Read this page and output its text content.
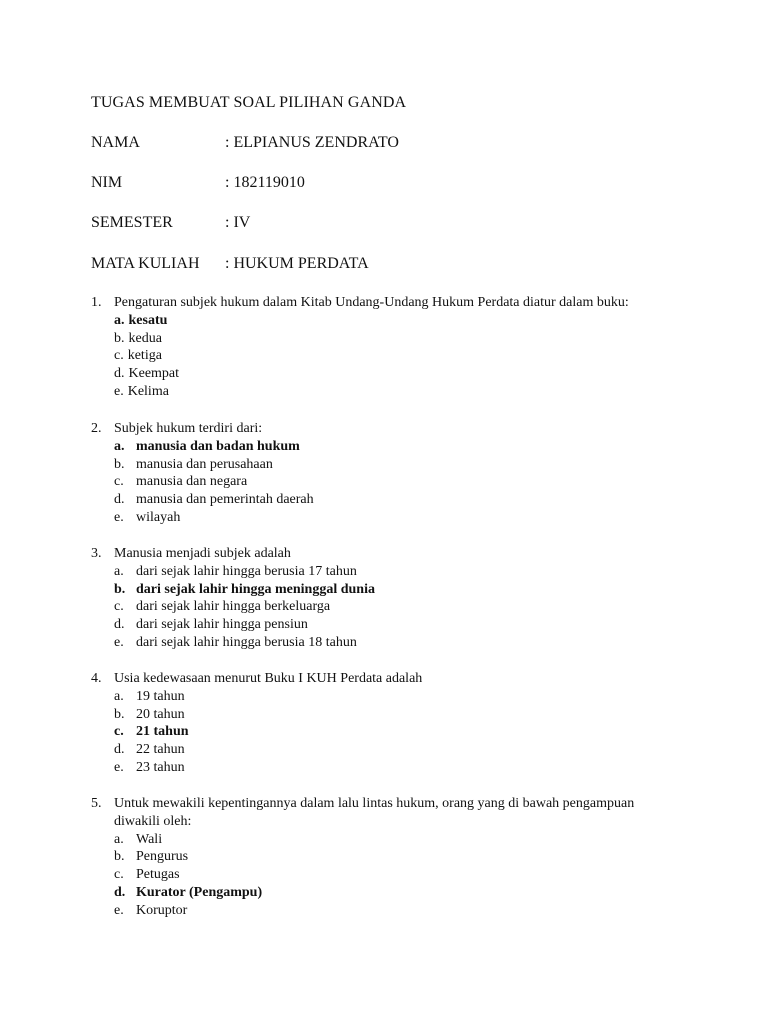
TUGAS MEMBUAT SOAL PILIHAN GANDA
NAMA	: ELPIANUS ZENDRATO
NIM	: 182119010
SEMESTER	: IV
MATA KULIAH : HUKUM PERDATA
1. Pengaturan subjek hukum dalam Kitab Undang-Undang Hukum Perdata diatur dalam buku:
a. kesatu
b. kedua
c. ketiga
d. Keempat
e. Kelima
2. Subjek hukum terdiri dari:
a. manusia dan badan hukum
b. manusia dan perusahaan
c. manusia dan negara
d. manusia dan pemerintah daerah
e. wilayah
3. Manusia menjadi subjek adalah
a. dari sejak lahir hingga berusia 17 tahun
b. dari sejak lahir hingga meninggal dunia
c. dari sejak lahir hingga berkeluarga
d. dari sejak lahir hingga pensiun
e. dari sejak lahir hingga berusia 18 tahun
4. Usia kedewasaan menurut Buku I KUH Perdata adalah
a. 19 tahun
b. 20 tahun
c. 21 tahun
d. 22 tahun
e. 23 tahun
5. Untuk mewakili kepentingannya dalam lalu lintas hukum, orang yang di bawah pengampuan diwakili oleh:
a. Wali
b. Pengurus
c. Petugas
d. Kurator (Pengampu)
e. Koruptor
